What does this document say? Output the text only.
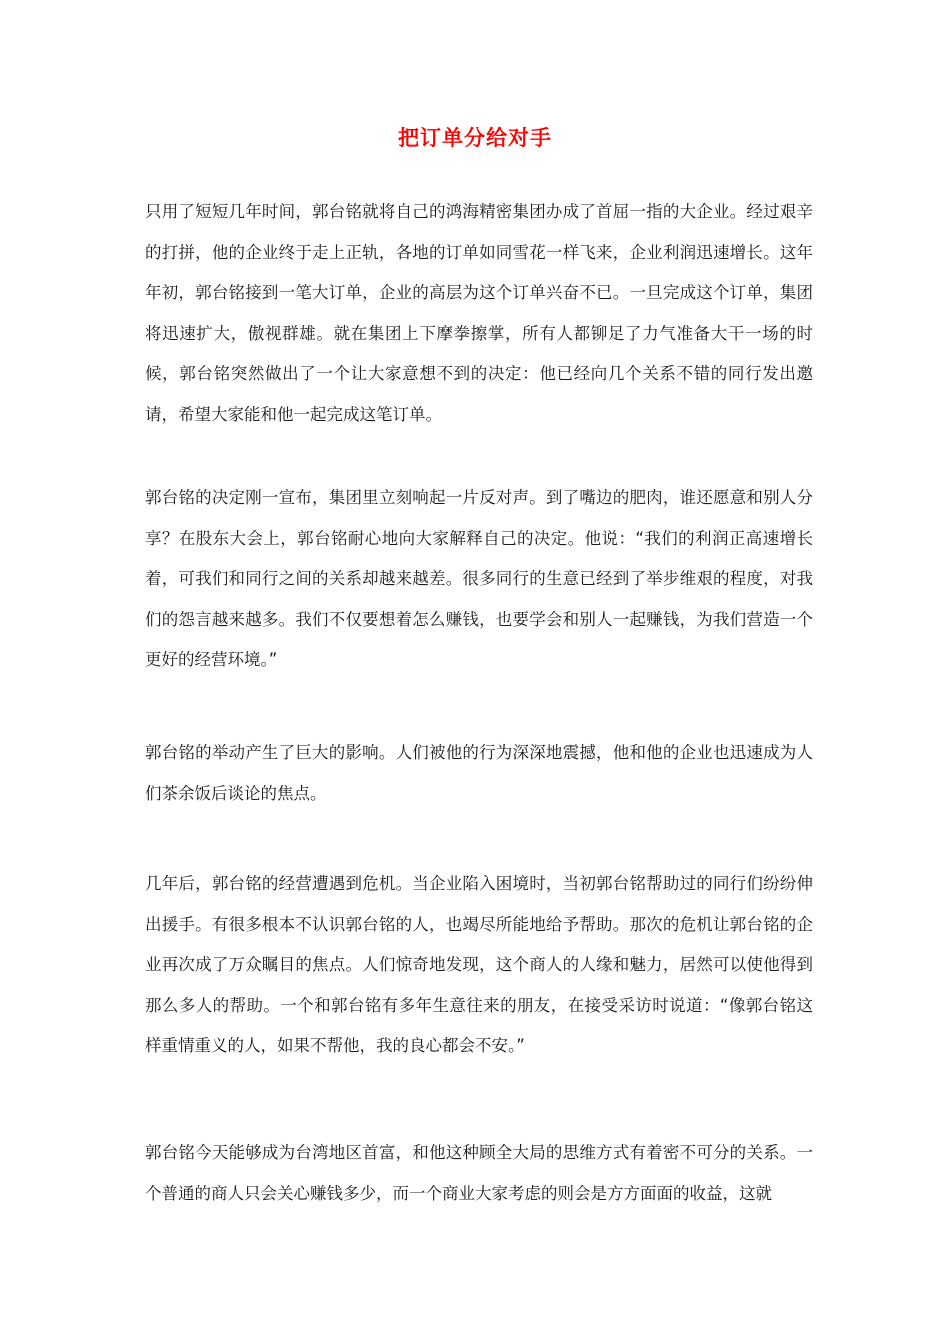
把订单分给对手
只用了短短几年时间，郭台铭就将自己的鸿海精密集团办成了首屈一指的大企业。经过艰辛的打拼，他的企业终于走上正轨，各地的订单如同雪花一样飞来，企业利润迅速增长。这年年初，郭台铭接到一笔大订单，企业的高层为这个订单兴奋不已。一旦完成这个订单，集团将迅速扩大，傲视群雄。就在集团上下摩拳擦掌，所有人都铆足了力气准备大干一场的时候，郭台铭突然做出了一个让大家意想不到的决定：他已经向几个关系不错的同行发出邀请，希望大家能和他一起完成这笔订单。
郭台铭的决定刚一宣布，集团里立刻响起一片反对声。到了嘴边的肥肉，谁还愿意和别人分享？在股东大会上，郭台铭耐心地向大家解释自己的决定。他说：“我们的利润正高速增长着，可我们和同行之间的关系却越来越差。很多同行的生意已经到了举步维艰的程度，对我们的怨言越来越多。我们不仅要想着怎么赚钱，也要学会和别人一起赚钱，为我们营造一个更好的经营环境。”
郭台铭的举动产生了巨大的影响。人们被他的行为深深地震撼，他和他的企业也迅速成为人们茶余饭后谈论的焦点。
几年后，郭台铭的经营遭遇到危机。当企业陷入困境时，当初郭台铭帮助过的同行们纷纷伸出援手。有很多根本不认识郭台铭的人，也竭尽所能地给予帮助。那次的危机让郭台铭的企业再次成了万众瞩目的焦点。人们惊奇地发现，这个商人的人缘和魅力，居然可以使他得到那么多人的帮助。一个和郭台铭有多年生意往来的朋友，在接受采访时说道：“像郭台铭这样重情重义的人，如果不帮他，我的良心都会不安。”
郭台铭今天能够成为台湾地区首富，和他这种顾全大局的思维方式有着密不可分的关系。一个普通的商人只会关心赚钱多少，而一个商业大家考虑的则会是方方面面的收益，这就
